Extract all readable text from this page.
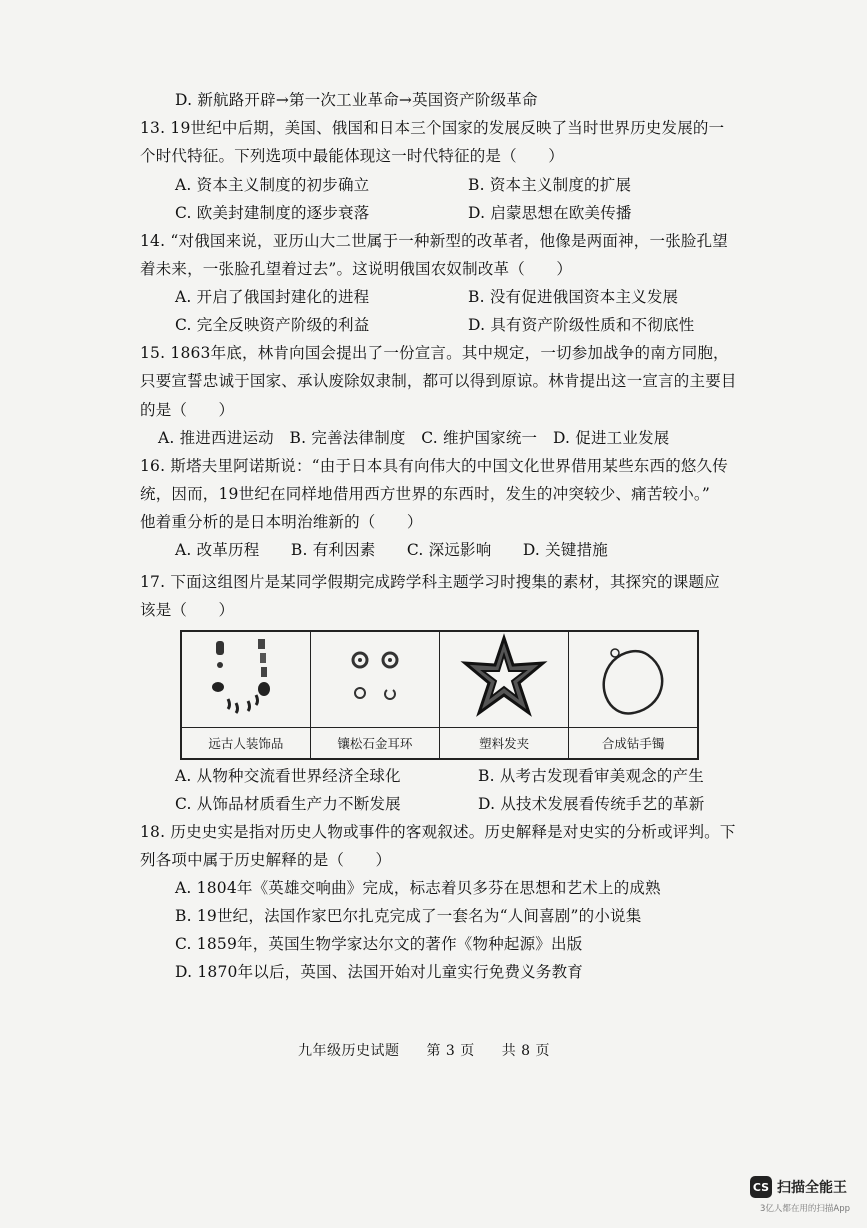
D. 新航路开辟→第一次工业革命→英国资产阶级革命
13. 19世纪中后期，美国、俄国和日本三个国家的发展反映了当时世界历史发展的一
个时代特征。下列选项中最能体现这一时代特征的是（　　）
A. 资本主义制度的初步确立	B. 资本主义制度的扩展
C. 欧美封建制度的逐步衰落	D. 启蒙思想在欧美传播
14. “对俄国来说，亚历山大二世属于一种新型的改革者，他像是两面神，一张脸孔望
着未来，一张脸孔望着过去”。这说明俄国农奴制改革（　　）
A. 开启了俄国封建化的进程	B. 没有促进俄国资本主义发展
C. 完全反映资产阶级的利益	D. 具有资产阶级性质和不彻底性
15. 1863年底，林肯向国会提出了一份宣言。其中规定，一切参加战争的南方同胞，
只要宣誓忠诚于国家、承认废除奴隶制，都可以得到原谅。林肯提出这一宣言的主要目
的是（　　）
A. 推进西进运动　B. 完善法律制度　C. 维护国家统一　D. 促进工业发展
16. 斯塔夫里阿诺斯说：“由于日本具有向伟大的中国文化世界借用某些东西的悠久传
统，因而，19世纪在同样地借用西方世界的东西时，发生的冲突较少、痛苦较小。”
他着重分析的是日本明治维新的（　　）
A. 改革历程　　B. 有利因素　　C. 深远影响　　D. 关键措施
17. 下面这组图片是某同学假期完成跨学科主题学习时搜集的素材，其探究的课题应
该是（　　）

远古人装饰品	镶松石金耳环	塑料发夹	合成钻手镯
A. 从物种交流看世界经济全球化	B. 从考古发现看审美观念的产生
C. 从饰品材质看生产力不断发展	D. 从技术发展看传统手艺的革新
18. 历史史实是指对历史人物或事件的客观叙述。历史解释是对史实的分析或评判。下
列各项中属于历史解释的是（　　）
A. 1804年《英雄交响曲》完成，标志着贝多芬在思想和艺术上的成熟
B. 19世纪，法国作家巴尔扎克完成了一套名为“人间喜剧”的小说集
C. 1859年，英国生物学家达尔文的著作《物种起源》出版
D. 1870年以后，英国、法国开始对儿童实行免费义务教育
九年级历史试题 第 3 页 共 8 页
CS 扫描全能王
3亿人都在用的扫描App
